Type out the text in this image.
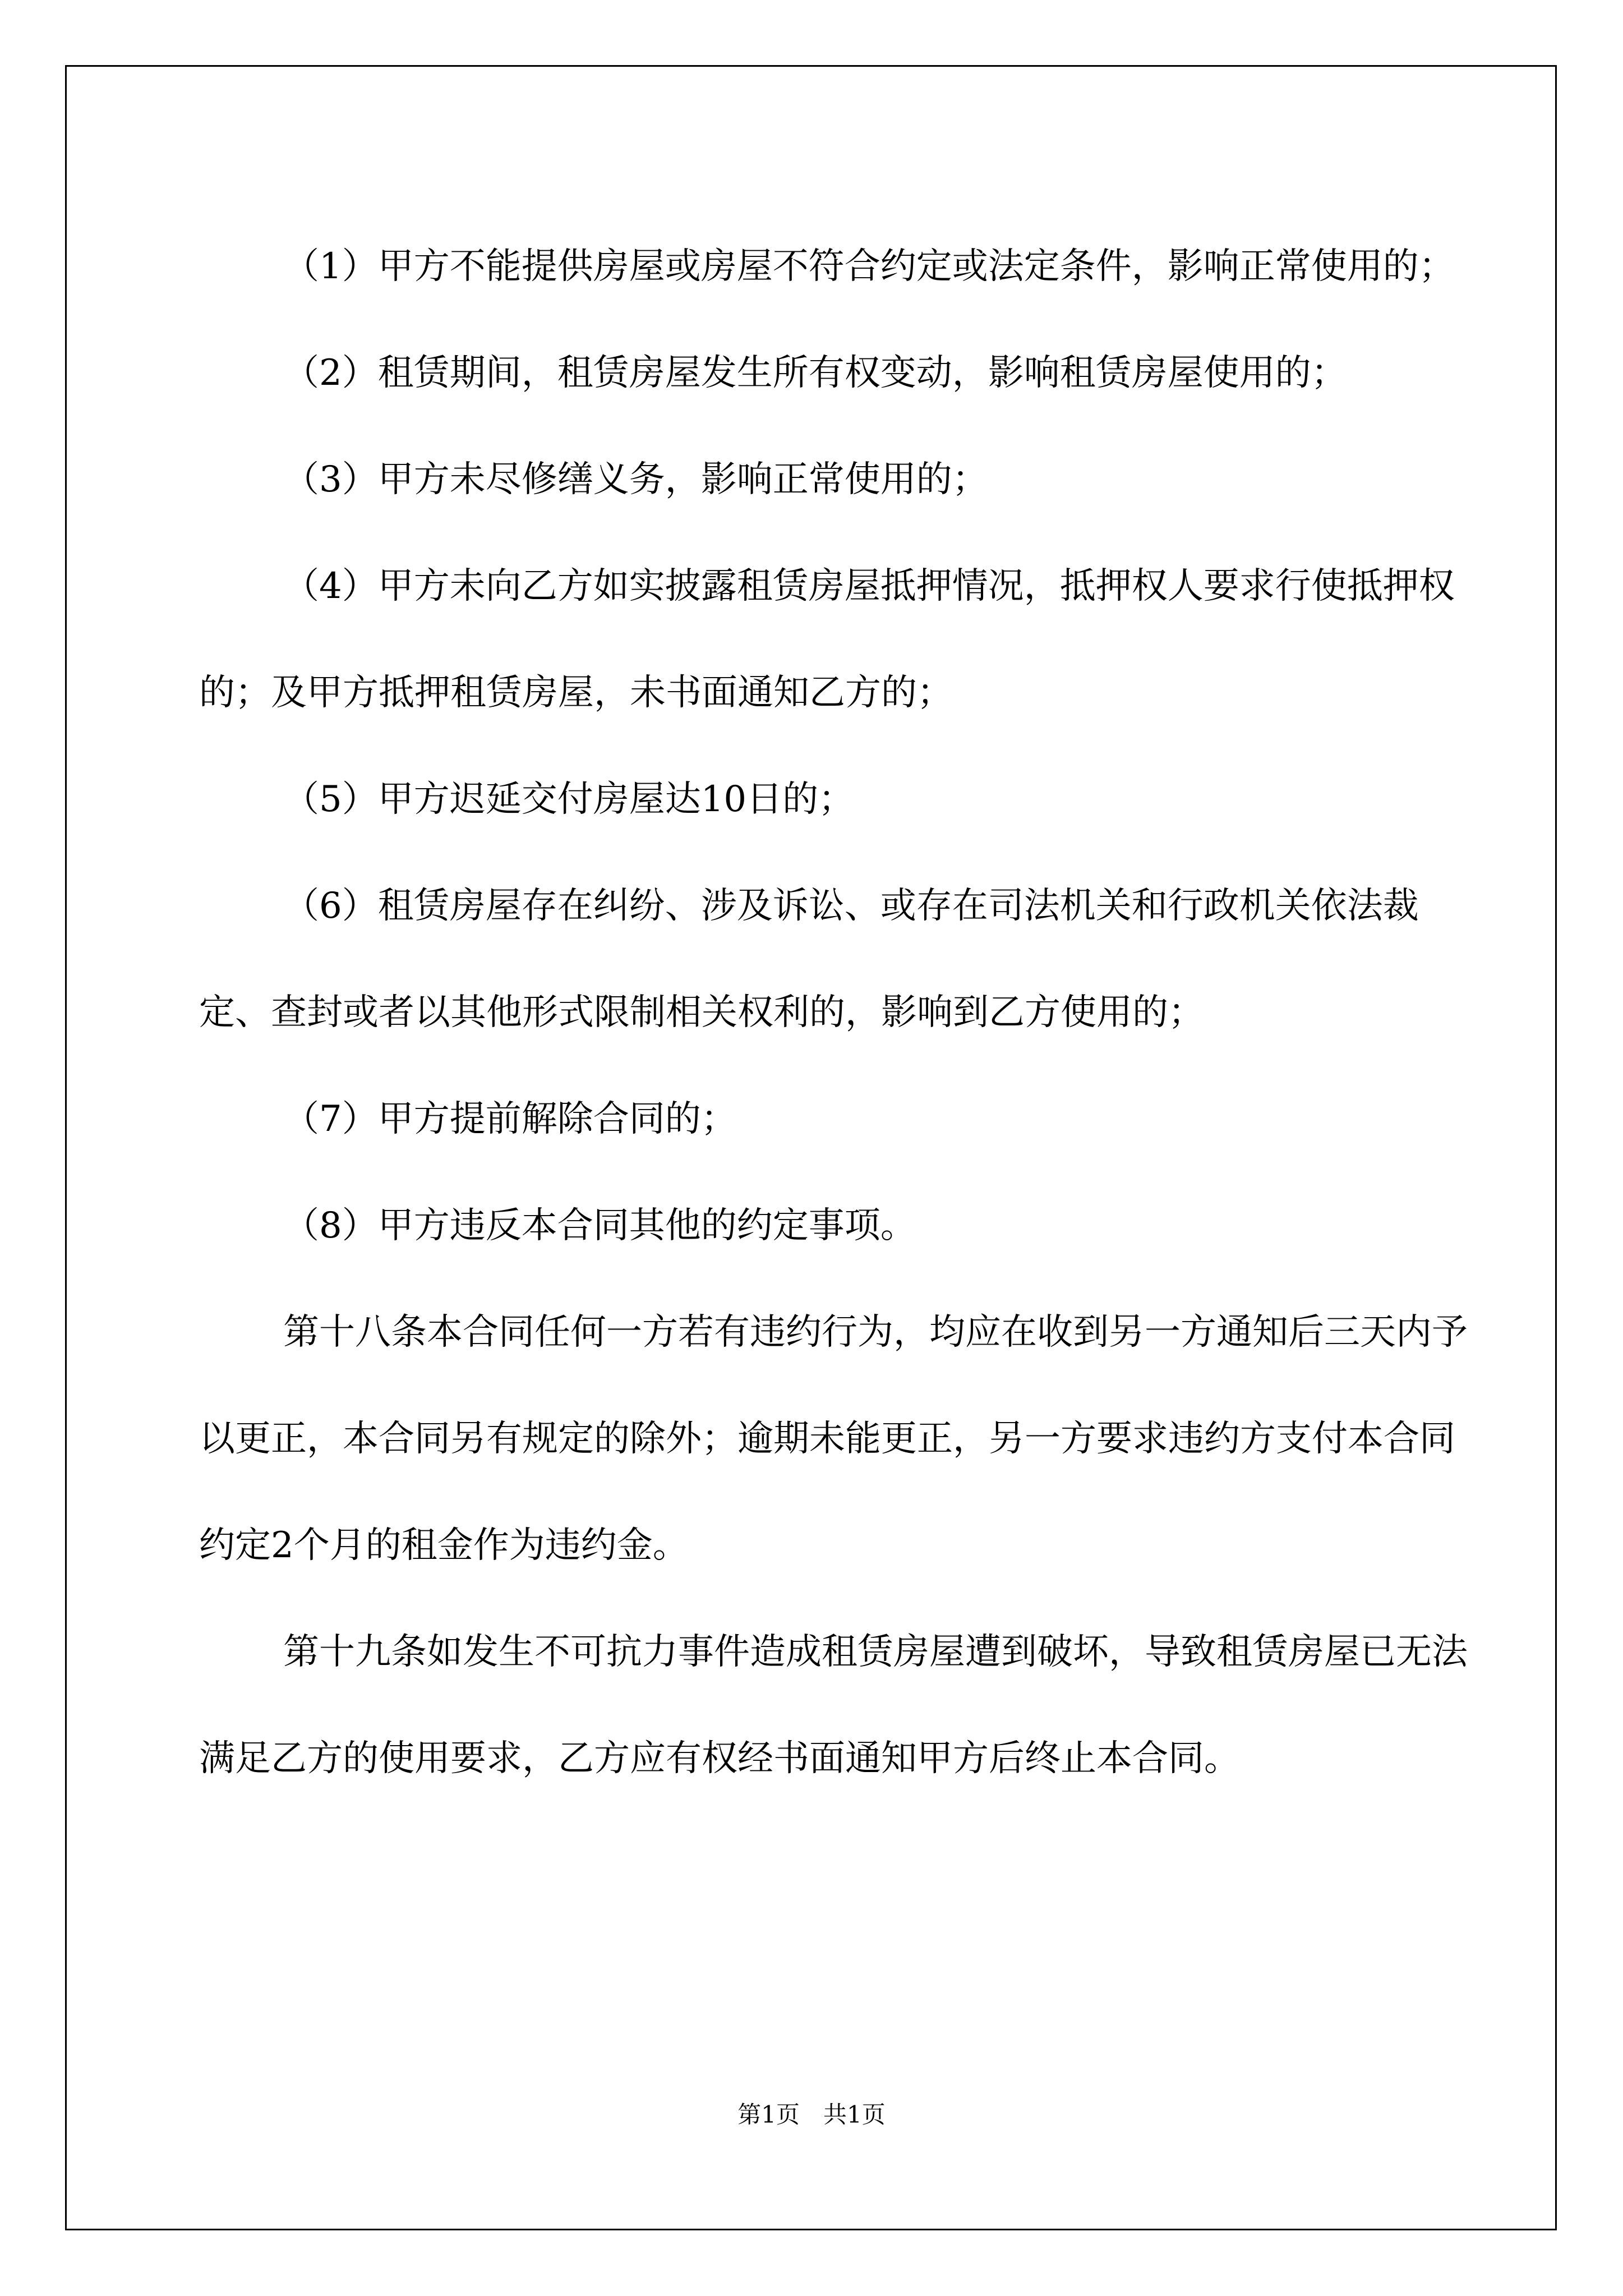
（1）甲方不能提供房屋或房屋不符合约定或法定条件，影响正常使用的；

（2）租赁期间，租赁房屋发生所有权变动，影响租赁房屋使用的；

（3）甲方未尽修缮义务，影响正常使用的；

（4）甲方未向乙方如实披露租赁房屋抵押情况，抵押权人要求行使抵押权的；及甲方抵押租赁房屋，未书面通知乙方的；

（5）甲方迟延交付房屋达10日的；

（6）租赁房屋存在纠纷、涉及诉讼、或存在司法机关和行政机关依法裁定、查封或者以其他形式限制相关权利的，影响到乙方使用的；

（7）甲方提前解除合同的；

（8）甲方违反本合同其他的约定事项。

第十八条本合同任何一方若有违约行为，均应在收到另一方通知后三天内予以更正，本合同另有规定的除外；逾期未能更正，另一方要求违约方支付本合同约定2个月的租金作为违约金。

第十九条如发生不可抗力事件造成租赁房屋遭到破坏，导致租赁房屋已无法满足乙方的使用要求，乙方应有权经书面通知甲方后终止本合同。

第1页　共1页
